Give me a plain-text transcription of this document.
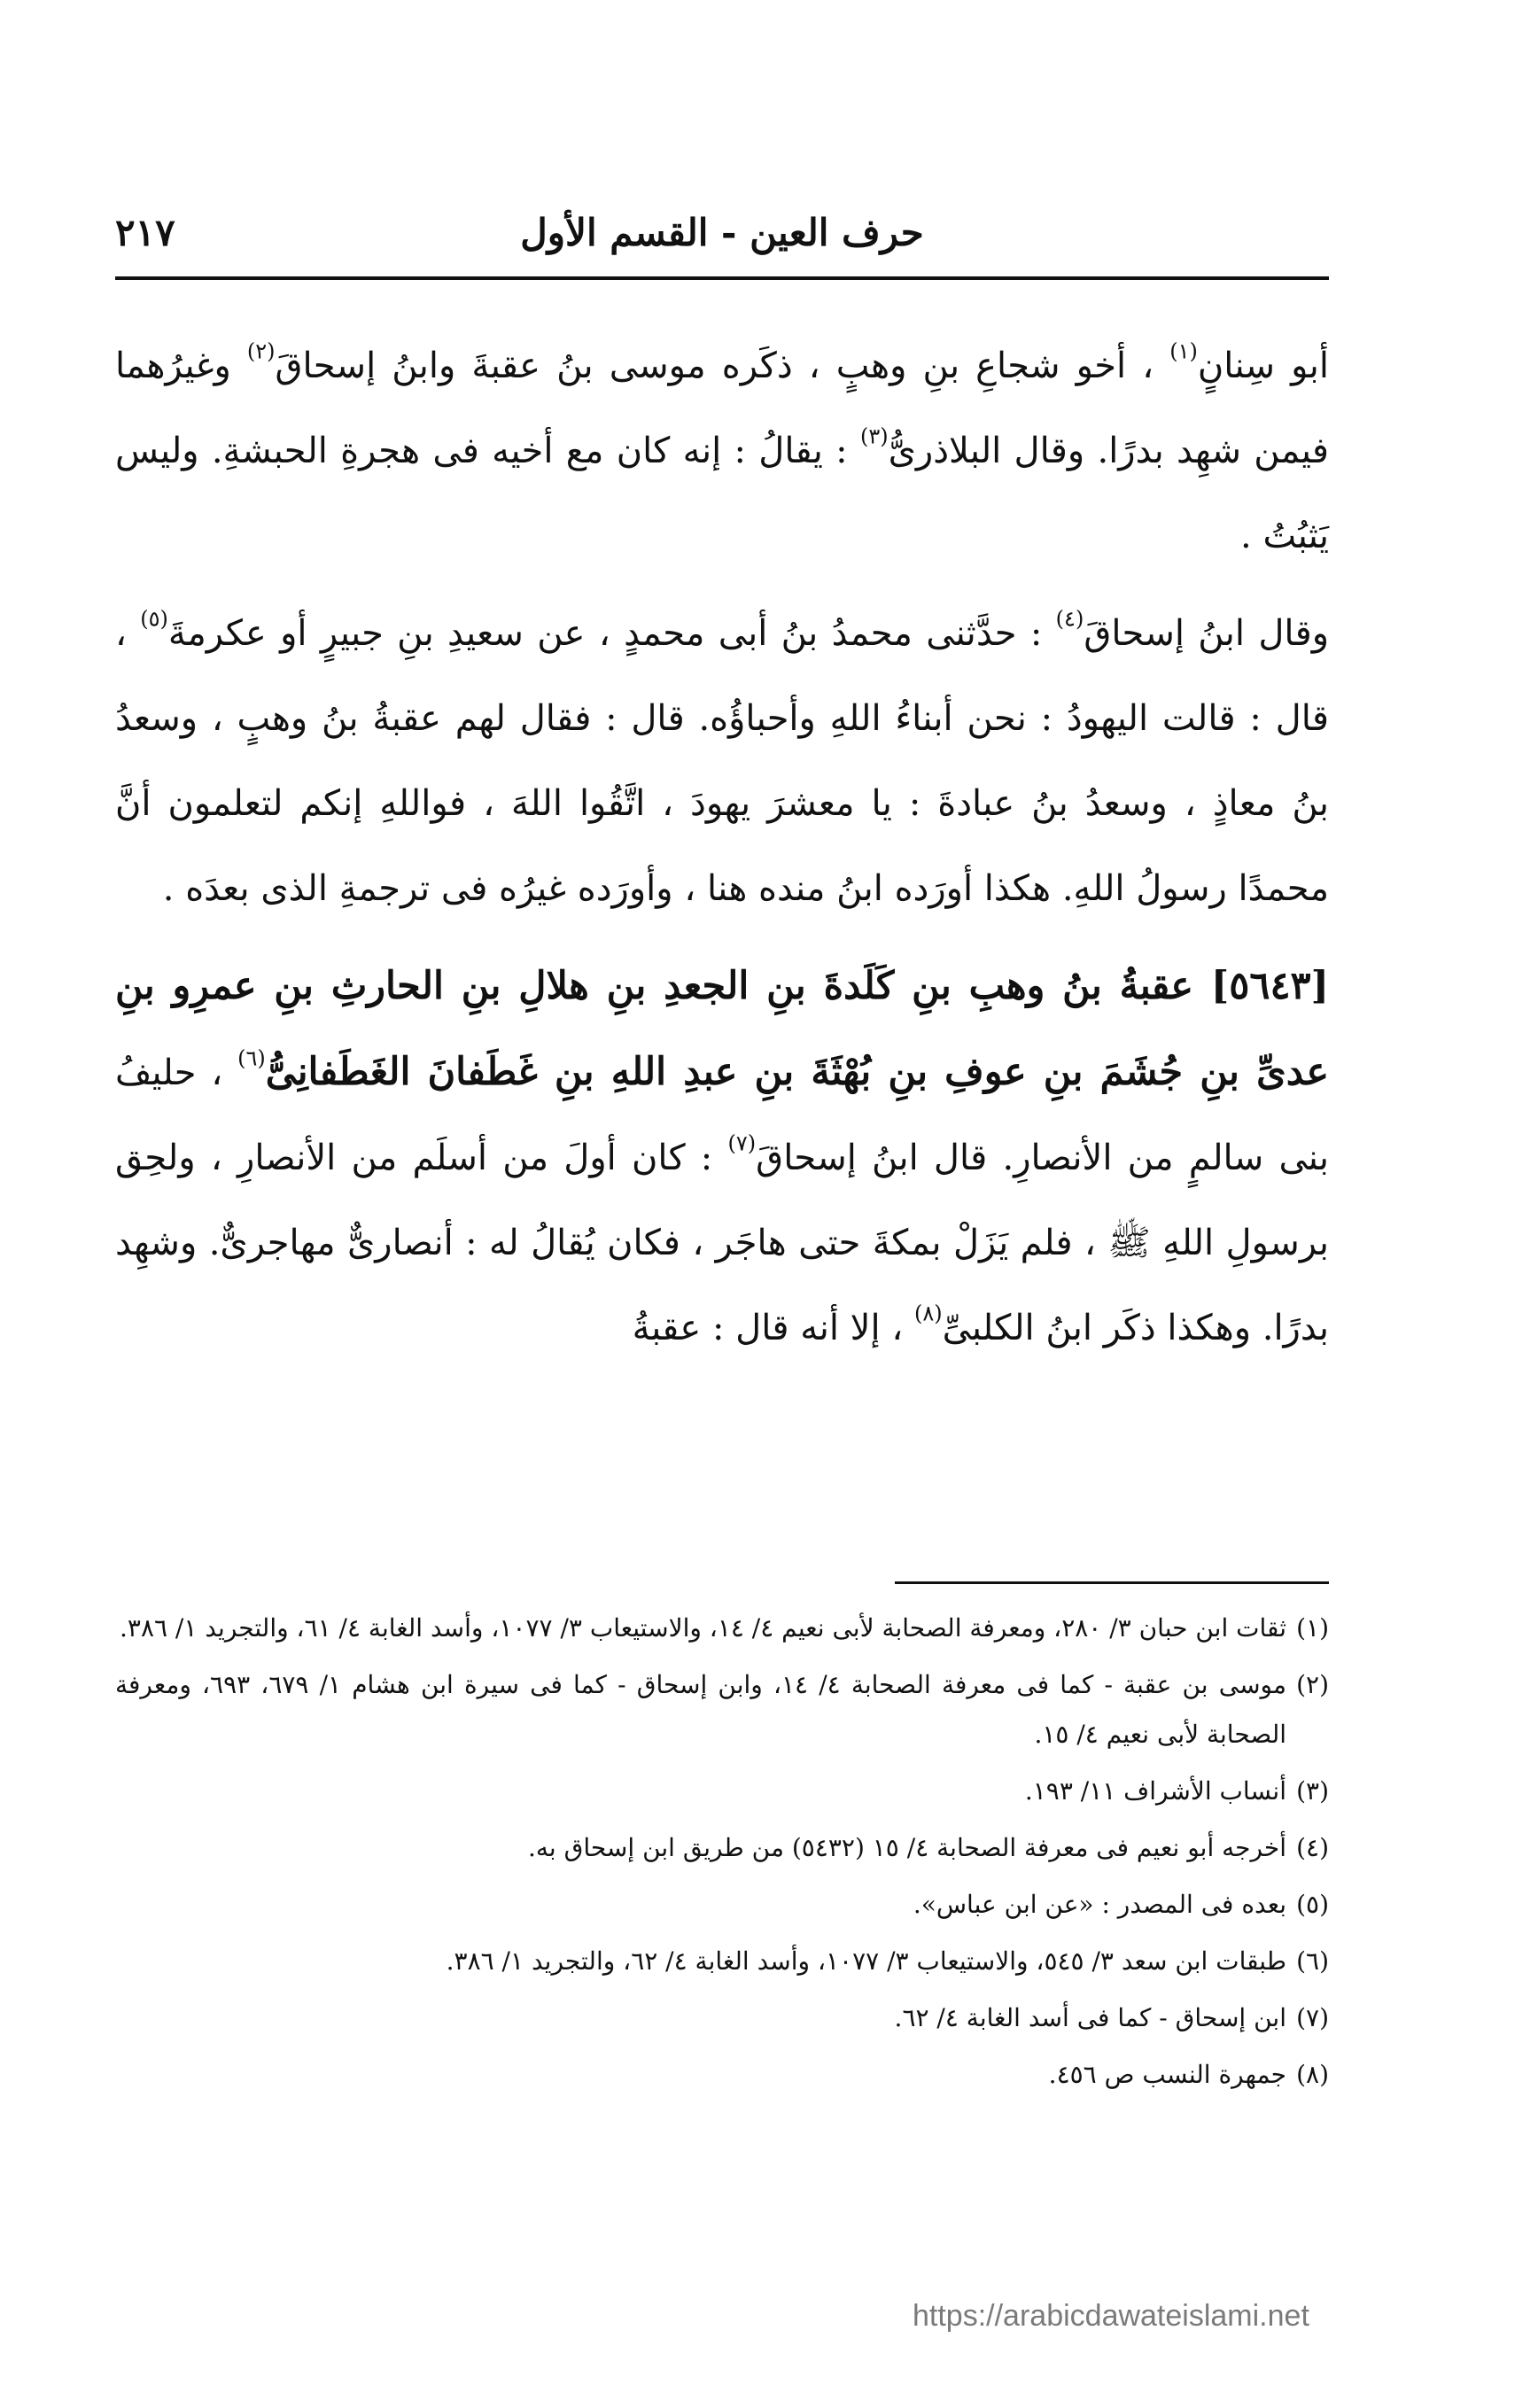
حرف العين - القسم الأول
٢١٧

أبو سِنانٍ$^{(١)}$ ، أخو شجاعِ بنِ وهبٍ ، ذكَره موسى بنُ عقبةَ وابنُ إسحاقَ$^{(٢)}$ وغيرُهما فيمن شهِد بدرًا. وقال البلاذرىُّ$^{(٣)}$ : يقالُ : إنه كان مع أخيه فى هجرةِ الحبشةِ. وليس يَثبُتُ .

وقال ابنُ إسحاقَ$^{(٤)}$ : حدَّثنى محمدُ بنُ أبى محمدٍ ، عن سعيدِ بنِ جبيرٍ أو عكرمةَ$^{(٥)}$ ، قال : قالت اليهودُ : نحن أبناءُ اللهِ وأحباؤُه. قال : فقال لهم عقبةُ بنُ وهبٍ ، وسعدُ بنُ معاذٍ ، وسعدُ بنُ عبادةَ : يا معشرَ يهودَ ، اتَّقُوا اللهَ ، فواللهِ إنكم لتعلمون أنَّ محمدًا رسولُ اللهِ. هكذا أورَده ابنُ منده هنا ، وأورَده غيرُه فى ترجمةِ الذى بعدَه .

[٥٦٤٣] عقبةُ بنُ وهبِ بنِ كَلَدةَ بنِ الجعدِ بنِ هلالِ بنِ الحارثِ بنِ عمرِو بنِ عدىِّ بنِ جُشَمَ بنِ عوفِ بنِ بُهْثَةَ بنِ عبدِ اللهِ بنِ غَطَفانَ الغَطَفانِىُّ$^{(٦)}$ ، حليفُ بنى سالمٍ من الأنصارِ. قال ابنُ إسحاقَ$^{(٧)}$ : كان أولَ من أسلَم من الأنصارِ ، ولحِق برسولِ اللهِ ﷺ ، فلم يَزَلْ بمكةَ حتى هاجَر ، فكان يُقالُ له : أنصارىٌّ مهاجرىٌّ. وشهِد بدرًا. وهكذا ذكَر ابنُ الكلبىِّ$^{(٨)}$ ، إلا أنه قال : عقبةُ

(١)
ثقات ابن حبان ٣/ ٢٨٠، ومعرفة الصحابة لأبى نعيم ٤/ ١٤، والاستيعاب ٣/ ١٠٧٧، وأسد الغابة ٤/ ٦١، والتجريد ١/ ٣٨٦.
(٢)
موسى بن عقبة - كما فى معرفة الصحابة ٤/ ١٤، وابن إسحاق - كما فى سيرة ابن هشام ١/ ٦٧٩، ٦٩٣، ومعرفة الصحابة لأبى نعيم ٤/ ١٥.
(٣)
أنساب الأشراف ١١/ ١٩٣.
(٤)
أخرجه أبو نعيم فى معرفة الصحابة ٤/ ١٥ (٥٤٣٢) من طريق ابن إسحاق به.
(٥)
بعده فى المصدر : «عن ابن عباس».
(٦)
طبقات ابن سعد ٣/ ٥٤٥، والاستيعاب ٣/ ١٠٧٧، وأسد الغابة ٤/ ٦٢، والتجريد ١/ ٣٨٦.
(٧)
ابن إسحاق - كما فى أسد الغابة ٤/ ٦٢.
(٨)
جمهرة النسب ص ٤٥٦.
https://arabicdawateislami.net
